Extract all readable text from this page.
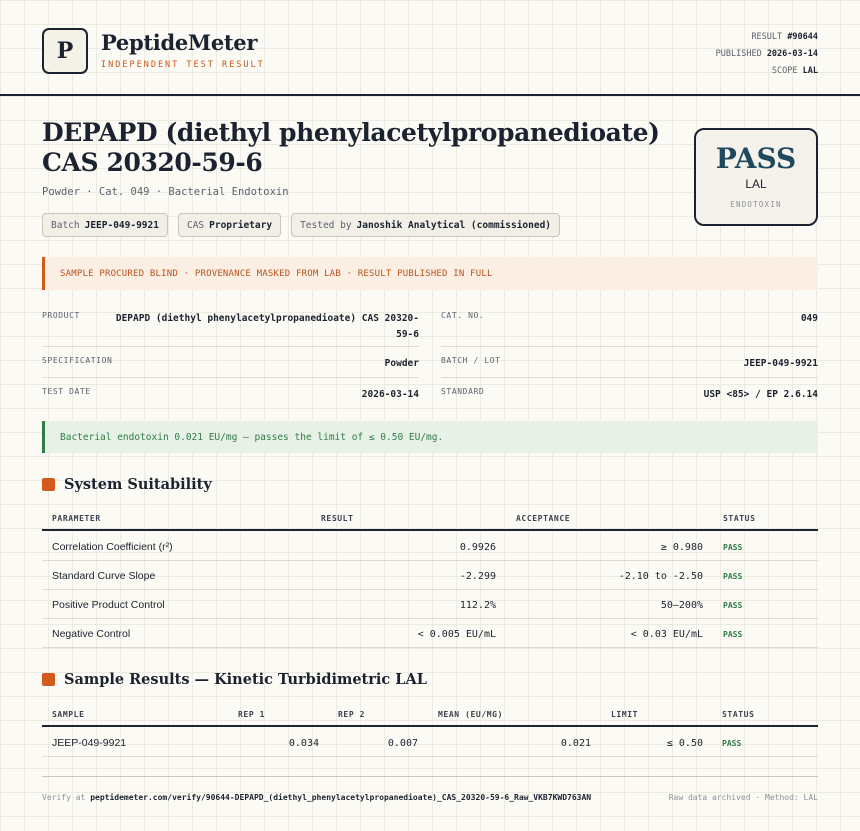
P PeptideMeter
INDEPENDENT TEST RESULT
RESULT #90644
PUBLISHED 2026-03-14
SCOPE LAL
DEPAPD (diethyl phenylacetylpropanedioate)
CAS 20320-59-6
Powder · Cat. 049 · Bacterial Endotoxin
Batch JEEP-049-9921	CAS Proprietary	Tested by Janoshik Analytical (commissioned)
PASS
LAL
ENDOTOXIN
SAMPLE PROCURED BLIND · PROVENANCE MASKED FROM LAB · RESULT PUBLISHED IN FULL
PRODUCT	DEPAPD (diethyl phenylacetylpropanedioate) CAS 20320-
59-6
CAT. NO.	049
SPECIFICATION	Powder	BATCH / LOT	JEEP-049-9921
TEST DATE	2026-03-14	STANDARD	USP <85> / EP 2.6.14
Bacterial endotoxin 0.021 EU/mg — passes the limit of ≤ 0.50 EU/mg.
System Suitability
PARAMETER	RESULT	ACCEPTANCE	STATUS
Correlation Coefficient (r²)	0.9926	≥ 0.980	PASS
Standard Curve Slope	-2.299	-2.10 to -2.50	PASS
Positive Product Control	112.2%	50–200%	PASS
Negative Control	< 0.005 EU/mL	< 0.03 EU/mL	PASS
Sample Results — Kinetic Turbidimetric LAL
SAMPLE	REP 1	REP 2	MEAN (EU/MG)	LIMIT	STATUS
JEEP-049-9921	0.034	0.007	0.021	≤ 0.50 PASS
Verify at peptidemeter.com/verify/90644-DEPAPD_(diethyl_phenylacetylpropanedioate)_CAS_20320-59-6_Raw_VKB7KWD763AN	Raw data archived · Method: LAL
